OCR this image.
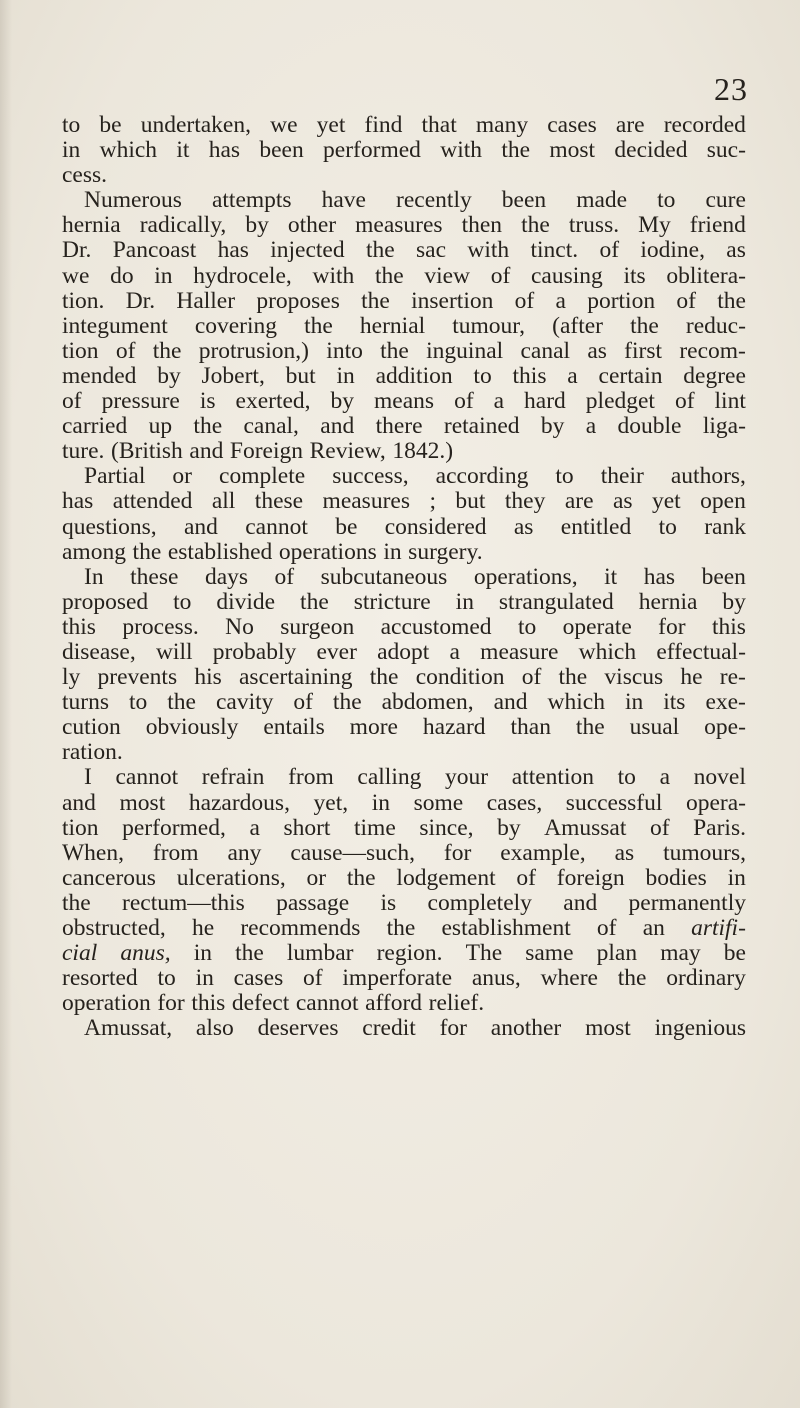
23
to be undertaken, we yet find that many cases are recorded
in which it has been performed with the most decided suc-
cess.
Numerous attempts have recently been made to cure
hernia radically, by other measures then the truss. My friend
Dr. Pancoast has injected the sac with tinct. of iodine, as
we do in hydrocele, with the view of causing its oblitera-
tion. Dr. Haller proposes the insertion of a portion of the
integument covering the hernial tumour, (after the reduc-
tion of the protrusion,) into the inguinal canal as first recom-
mended by Jobert, but in addition to this a certain degree
of pressure is exerted, by means of a hard pledget of lint
carried up the canal, and there retained by a double liga-
ture. (British and Foreign Review, 1842.)
Partial or complete success, according to their authors,
has attended all these measures ; but they are as yet open
questions, and cannot be considered as entitled to rank
among the established operations in surgery.
In these days of subcutaneous operations, it has been
proposed to divide the stricture in strangulated hernia by
this process. No surgeon accustomed to operate for this
disease, will probably ever adopt a measure which effectual-
ly prevents his ascertaining the condition of the viscus he re-
turns to the cavity of the abdomen, and which in its exe-
cution obviously entails more hazard than the usual ope-
ration.
I cannot refrain from calling your attention to a novel
and most hazardous, yet, in some cases, successful opera-
tion performed, a short time since, by Amussat of Paris.
When, from any cause—such, for example, as tumours,
cancerous ulcerations, or the lodgement of foreign bodies in
the rectum—this passage is completely and permanently
obstructed, he recommends the establishment of an artifi-
cial anus, in the lumbar region. The same plan may be
resorted to in cases of imperforate anus, where the ordinary
operation for this defect cannot afford relief.
Amussat, also deserves credit for another most ingenious
